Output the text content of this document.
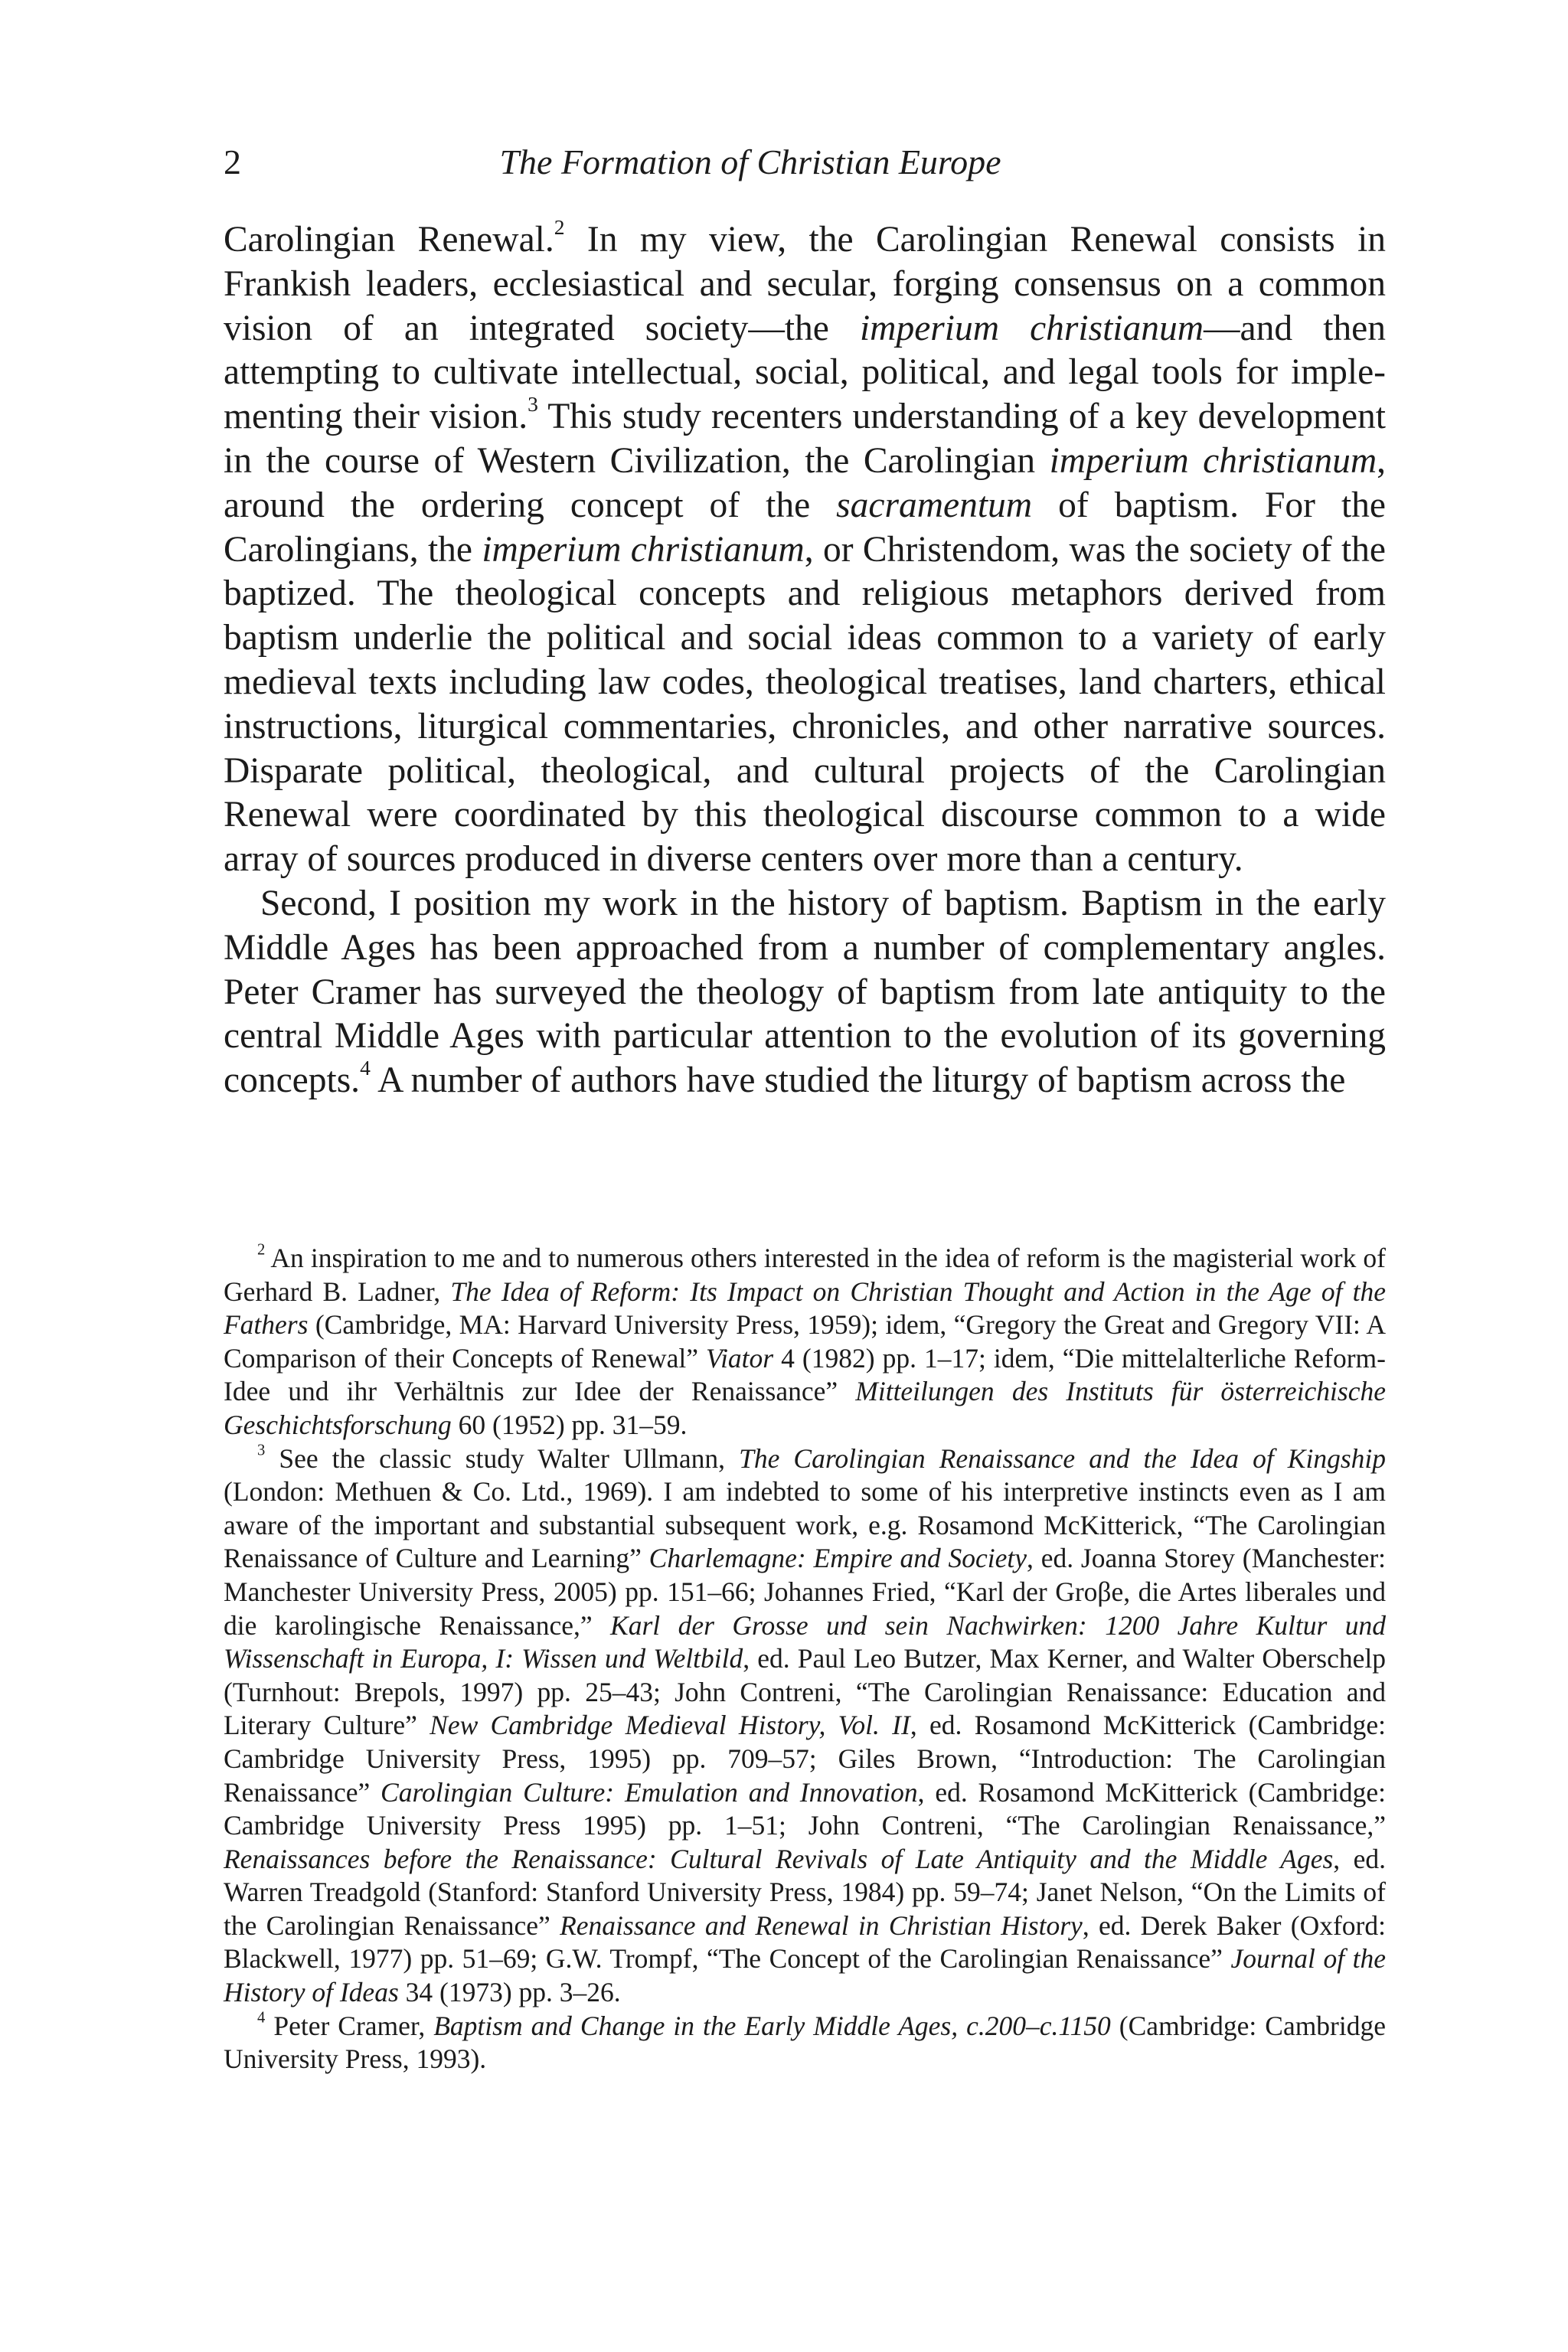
2	The Formation of Christian Europe

Carolingian Renewal.$^2$ In my view, the Carolingian Renewal consists in Frankish leaders, ecclesiastical and secular, forging consensus on a common vision of an integrated society—the imperium christianum—and then attempting to cultivate intellectual, social, political, and legal tools for implementing their vision.$^3$ This study recenters understanding of a key development in the course of Western Civilization, the Carolingian imperium christianum, around the ordering concept of the sacramentum of baptism. For the Carolingians, the imperium christianum, or Christendom, was the society of the baptized. The theological concepts and religious metaphors derived from baptism underlie the political and social ideas common to a variety of early medieval texts including law codes, theological treatises, land charters, ethical instructions, liturgical commentaries, chronicles, and other narrative sources. Disparate political, theological, and cultural projects of the Carolingian Renewal were coordinated by this theological discourse common to a wide array of sources produced in diverse centers over more than a century.

Second, I position my work in the history of baptism. Baptism in the early Middle Ages has been approached from a number of complementary angles. Peter Cramer has surveyed the theology of baptism from late antiquity to the central Middle Ages with particular attention to the evolution of its governing concepts.$^4$ A number of authors have studied the liturgy of baptism across the

$^2$ An inspiration to me and to numerous others interested in the idea of reform is the magisterial work of Gerhard B. Ladner, The Idea of Reform: Its Impact on Christian Thought and Action in the Age of the Fathers (Cambridge, MA: Harvard University Press, 1959); idem, “Gregory the Great and Gregory VII: A Comparison of their Concepts of Renewal” Viator 4 (1982) pp. 1–17; idem, “Die mittelalterliche Reform-Idee und ihr Verhältnis zur Idee der Renaissance” Mitteilungen des Instituts für österreichische Geschichtsforschung 60 (1952) pp. 31–59.

$^3$ See the classic study Walter Ullmann, The Carolingian Renaissance and the Idea of Kingship (London: Methuen & Co. Ltd., 1969). I am indebted to some of his interpretive instincts even as I am aware of the important and substantial subsequent work, e.g. Rosamond McKitterick, “The Carolingian Renaissance of Culture and Learning” Charlemagne: Empire and Society, ed. Joanna Storey (Manchester: Manchester University Press, 2005) pp. 151–66; Johannes Fried, “Karl der Groβe, die Artes liberales und die karolingische Renaissance,” Karl der Grosse und sein Nachwirken: 1200 Jahre Kultur und Wissenschaft in Europa, I: Wissen und Weltbild, ed. Paul Leo Butzer, Max Kerner, and Walter Oberschelp (Turnhout: Brepols, 1997) pp. 25–43; John Contreni, “The Carolingian Renaissance: Education and Literary Culture” New Cambridge Medieval History, Vol. II, ed. Rosamond McKitterick (Cambridge: Cambridge University Press, 1995) pp. 709–57; Giles Brown, “Introduction: The Carolingian Renaissance” Carolingian Culture: Emulation and Innovation, ed. Rosamond McKitterick (Cambridge: Cambridge University Press 1995) pp. 1–51; John Contreni, “The Carolingian Renaissance,” Renaissances before the Renaissance: Cultural Revivals of Late Antiquity and the Middle Ages, ed. Warren Treadgold (Stanford: Stanford University Press, 1984) pp. 59–74; Janet Nelson, “On the Limits of the Carolingian Renaissance” Renaissance and Renewal in Christian History, ed. Derek Baker (Oxford: Blackwell, 1977) pp. 51–69; G.W. Trompf, “The Concept of the Carolingian Renaissance” Journal of the History of Ideas 34 (1973) pp. 3–26.

$^4$ Peter Cramer, Baptism and Change in the Early Middle Ages, c.200–c.1150 (Cambridge: Cambridge University Press, 1993).
